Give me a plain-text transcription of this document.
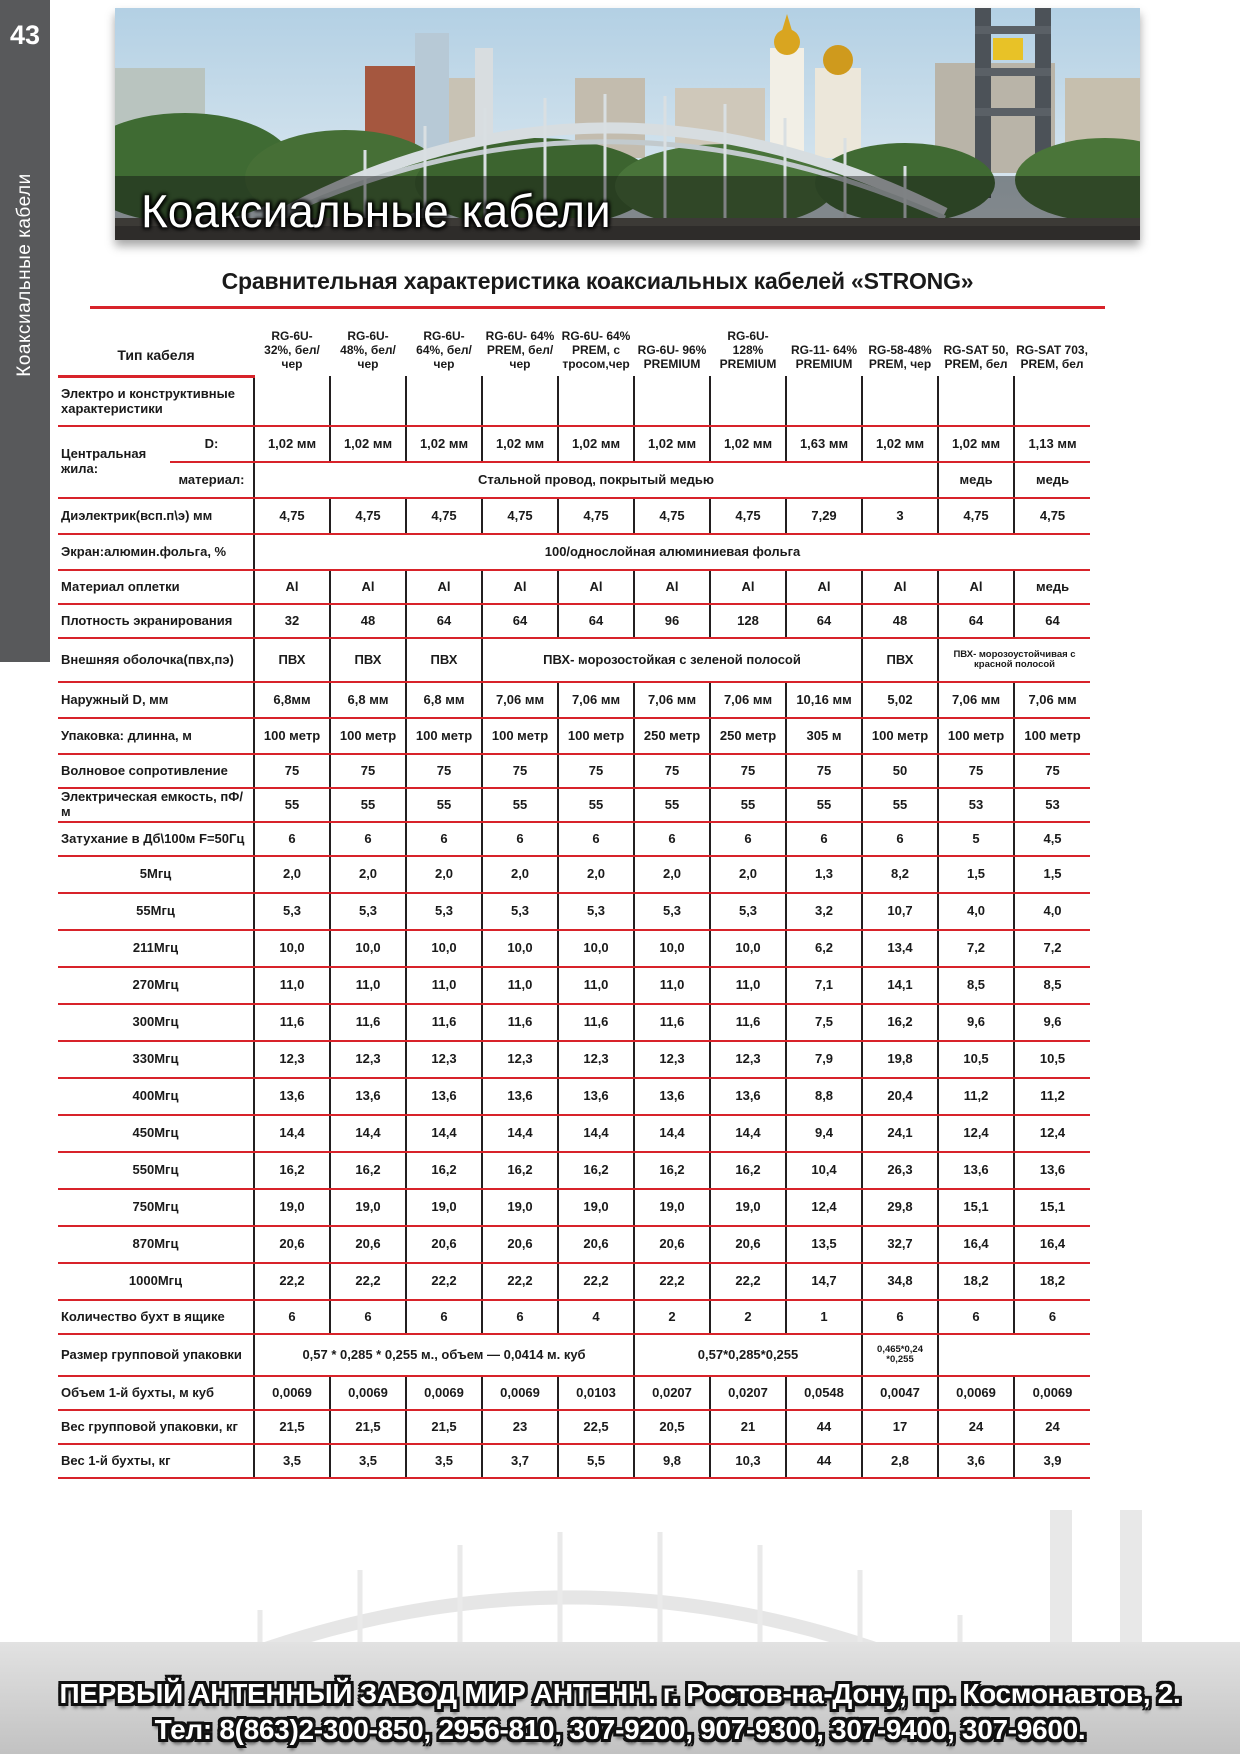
43
Коаксиальные кабели Коаксиальные кабели
Сравнительная характеристика коаксиальных кабелей «STRONG»
Тип кабеля		RG-6U- 32%, бел/чер	RG-6U- 48%, бел/чер	RG-6U- 64%, бел/чер	RG-6U- 64% PREM, бел/чер	RG-6U- 64% PREM, с тросом,чер	RG-6U- 96% PREMIUM	RG-6U- 128% PREMIUM	RG-11- 64% PREMIUM	RG-58-48% PREM, чер	RG-SAT 50, PREM, бел	RG-SAT 703, PREM, бел
Электро и конструктивные характеристики												
Центральная жила:	D:	1,02 мм	1,02 мм	1,02 мм	1,02 мм	1,02 мм	1,02 мм	1,02 мм	1,63 мм	1,02 мм	1,02 мм	1,13 мм
	материал:	Стальной провод, покрытый медью									медь	медь
Диэлектрик(всп.п\э) мм		4,75	4,75	4,75	4,75	4,75	4,75	4,75	7,29	3	4,75	4,75
Экран:алюмин.фольга, %		100/однослойная алюминиевая фольга										
Материал оплетки		Al	Al	Al	Al	Al	Al	Al	Al	Al	Al	медь
Плотность экранирования		32	48	64	64	64	96	128	64	48	64	64
Внешняя оболочка(пвх,пэ)		ПВХ	ПВХ	ПВХ	ПВХ- морозостойкая с зеленой полосой					ПВХ	ПВХ- морозоустойчивая с красной полосой	
Наружный D, мм		6,8мм	6,8 мм	6,8 мм	7,06 мм	7,06 мм	7,06 мм	7,06 мм	10,16 мм	5,02	7,06 мм	7,06 мм
Упаковка: длинна, м		100 метр	100 метр	100 метр	100 метр	100 метр	250 метр	250 метр	305 м	100 метр	100 метр	100 метр
Волновое сопротивление		75	75	75	75	75	75	75	75	50	75	75
Электрическая емкость, пФ/м		55	55	55	55	55	55	55	55	55	53	53
Затухание в Дб\100м F=50Гц		6	6	6	6	6	6	6	6	6	5	4,5
5Мгц		2,0	2,0	2,0	2,0	2,0	2,0	2,0	1,3	8,2	1,5	1,5
55Мгц		5,3	5,3	5,3	5,3	5,3	5,3	5,3	3,2	10,7	4,0	4,0
211Мгц		10,0	10,0	10,0	10,0	10,0	10,0	10,0	6,2	13,4	7,2	7,2
270Мгц		11,0	11,0	11,0	11,0	11,0	11,0	11,0	7,1	14,1	8,5	8,5
300Мгц		11,6	11,6	11,6	11,6	11,6	11,6	11,6	7,5	16,2	9,6	9,6
330Мгц		12,3	12,3	12,3	12,3	12,3	12,3	12,3	7,9	19,8	10,5	10,5
400Мгц		13,6	13,6	13,6	13,6	13,6	13,6	13,6	8,8	20,4	11,2	11,2
450Мгц		14,4	14,4	14,4	14,4	14,4	14,4	14,4	9,4	24,1	12,4	12,4
550Мгц		16,2	16,2	16,2	16,2	16,2	16,2	16,2	10,4	26,3	13,6	13,6
750Мгц		19,0	19,0	19,0	19,0	19,0	19,0	19,0	12,4	29,8	15,1	15,1
870Мгц		20,6	20,6	20,6	20,6	20,6	20,6	20,6	13,5	32,7	16,4	16,4
1000Мгц		22,2	22,2	22,2	22,2	22,2	22,2	22,2	14,7	34,8	18,2	18,2
Количество бухт в ящике		6	6	6	6	4	2	2	1	6	6	6
Размер групповой упаковки		0,57 * 0,285 * 0,255 м., объем — 0,0414 м. куб					0,57*0,285*0,255			0,465*0,24 *0,255		
Объем 1-й бухты, м куб		0,0069	0,0069	0,0069	0,0069	0,0103	0,0207	0,0207	0,0548	0,0047	0,0069	0,0069
Вес групповой упаковки, кг		21,5	21,5	21,5	23	22,5	20,5	21	44	17	24	24
Вес 1-й бухты, кг		3,5	3,5	3,5	3,7	5,5	9,8	10,3	44	2,8	3,6	3,9
ПЕРВЫЙ АНТЕННЫЙ ЗАВОД МИР АНТЕНН. г. Ростов-на-Дону, пр. Космонавтов, 2.
Тел: 8(863)2-300-850, 2956-810, 307-9200, 907-9300, 307-9400, 307-9600.
